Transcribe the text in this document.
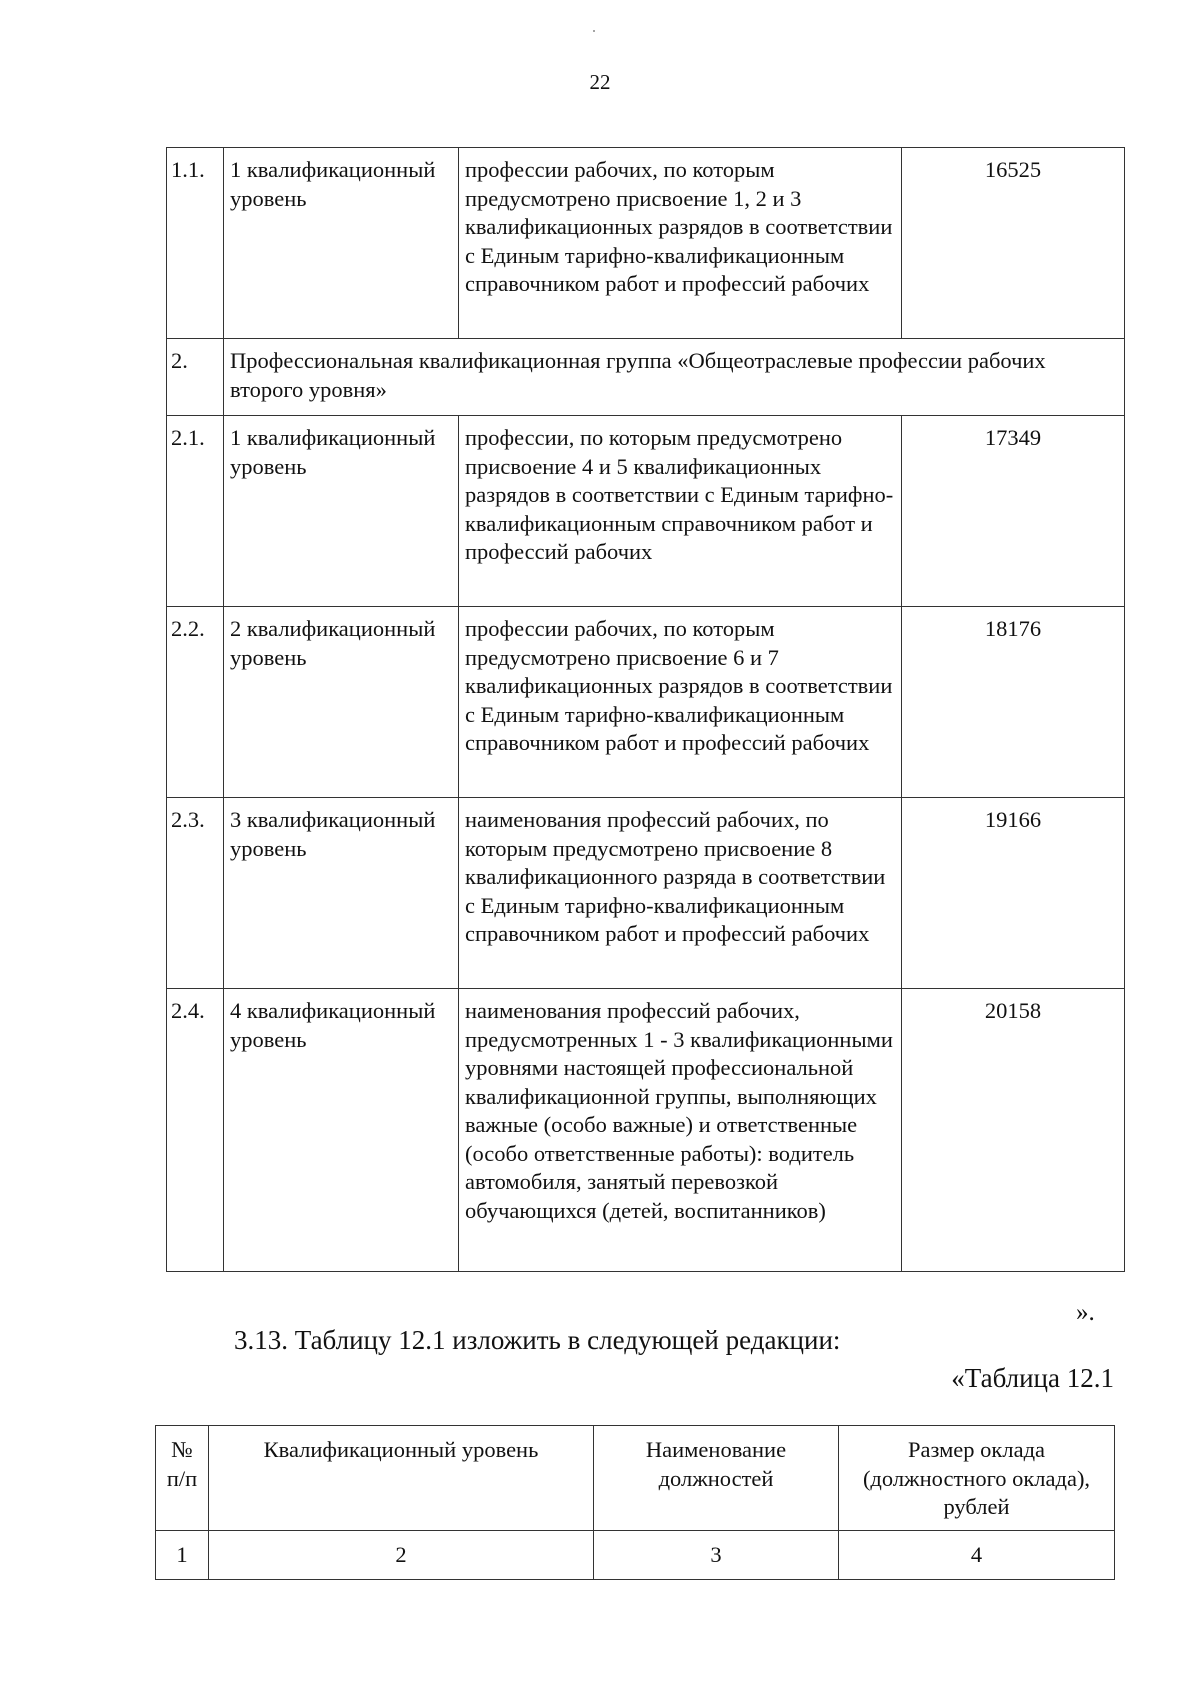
22
1.1.	1 квалификационный уровень	профессии рабочих, по которым предусмотрено присвоение 1, 2 и 3 квалификационных разрядов в соответствии с Единым тарифно-квалификационным справочником работ и профессий рабочих	16525
2.	Профессиональная квалификационная группа «Общеотраслевые профессии рабочих второго уровня»		
2.1.	1 квалификационный уровень	профессии, по которым предусмотрено присвоение 4 и 5 квалификационных разрядов в соответствии с Единым тарифно-квалификационным справочником работ и профессий рабочих	17349
2.2.	2 квалификационный уровень	профессии рабочих, по которым предусмотрено присвоение 6 и 7 квалификационных разрядов в соответствии с Единым тарифно-квалификационным справочником работ и профессий рабочих	18176
2.3.	3 квалификационный уровень	наименования профессий рабочих, по которым предусмотрено присвоение 8 квалификационного разряда в соответствии с Единым тарифно-квалификационным справочником работ и профессий рабочих	19166
2.4.	4 квалификационный уровень	наименования профессий рабочих, предусмотренных 1 - 3 квалификационными уровнями настоящей профессиональной квалификационной группы, выполняющих важные (особо важные) и ответственные (особо ответственные работы): водитель автомобиля, занятый перевозкой обучающихся (детей, воспитанников)	20158
».
3.13. Таблицу 12.1 изложить в следующей редакции:
«Таблица 12.1
№ п/п	Квалификационный уровень	Наименование должностей	Размер оклада (должностного оклада), рублей
1	2	3	4
